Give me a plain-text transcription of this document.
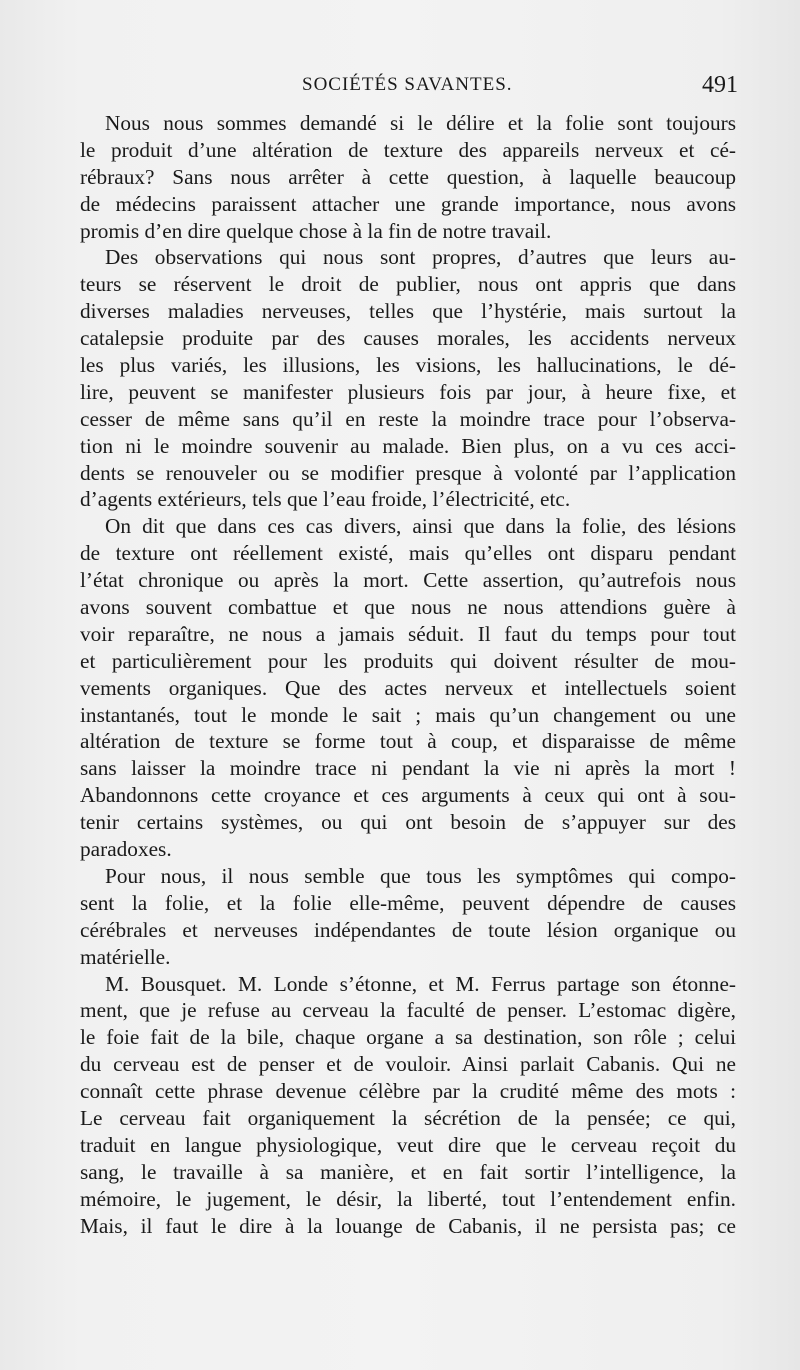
SOCIÉTÉS SAVANTES.	491
Nous nous sommes demandé si le délire et la folie sont toujours
le produit d’une altération de texture des appareils nerveux et cé-
rébraux? Sans nous arrêter à cette question, à laquelle beaucoup
de médecins paraissent attacher une grande importance, nous avons
promis d’en dire quelque chose à la fin de notre travail.
Des observations qui nous sont propres, d’autres que leurs au-
teurs se réservent le droit de publier, nous ont appris que dans
diverses maladies nerveuses, telles que l’hystérie, mais surtout la
catalepsie produite par des causes morales, les accidents nerveux
les plus variés, les illusions, les visions, les hallucinations, le dé-
lire, peuvent se manifester plusieurs fois par jour, à heure fixe, et
cesser de même sans qu’il en reste la moindre trace pour l’observa-
tion ni le moindre souvenir au malade. Bien plus, on a vu ces acci-
dents se renouveler ou se modifier presque à volonté par l’application
d’agents extérieurs, tels que l’eau froide, l’électricité, etc.
On dit que dans ces cas divers, ainsi que dans la folie, des lésions
de texture ont réellement existé, mais qu’elles ont disparu pendant
l’état chronique ou après la mort. Cette assertion, qu’autrefois nous
avons souvent combattue et que nous ne nous attendions guère à
voir reparaître, ne nous a jamais séduit. Il faut du temps pour tout
et particulièrement pour les produits qui doivent résulter de mou-
vements organiques. Que des actes nerveux et intellectuels soient
instantanés, tout le monde le sait ; mais qu’un changement ou une
altération de texture se forme tout à coup, et disparaisse de même
sans laisser la moindre trace ni pendant la vie ni après la mort !
Abandonnons cette croyance et ces arguments à ceux qui ont à sou-
tenir certains systèmes, ou qui ont besoin de s’appuyer sur des
paradoxes.
Pour nous, il nous semble que tous les symptômes qui compo-
sent la folie, et la folie elle-même, peuvent dépendre de causes
cérébrales et nerveuses indépendantes de toute lésion organique ou
matérielle.
M. Bousquet. M. Londe s’étonne, et M. Ferrus partage son étonne-
ment, que je refuse au cerveau la faculté de penser. L’estomac digère,
le foie fait de la bile, chaque organe a sa destination, son rôle ; celui
du cerveau est de penser et de vouloir. Ainsi parlait Cabanis. Qui ne
connaît cette phrase devenue célèbre par la crudité même des mots :
Le cerveau fait organiquement la sécrétion de la pensée; ce qui,
traduit en langue physiologique, veut dire que le cerveau reçoit du
sang, le travaille à sa manière, et en fait sortir l’intelligence, la
mémoire, le jugement, le désir, la liberté, tout l’entendement enfin.
Mais, il faut le dire à la louange de Cabanis, il ne persista pas; ce
